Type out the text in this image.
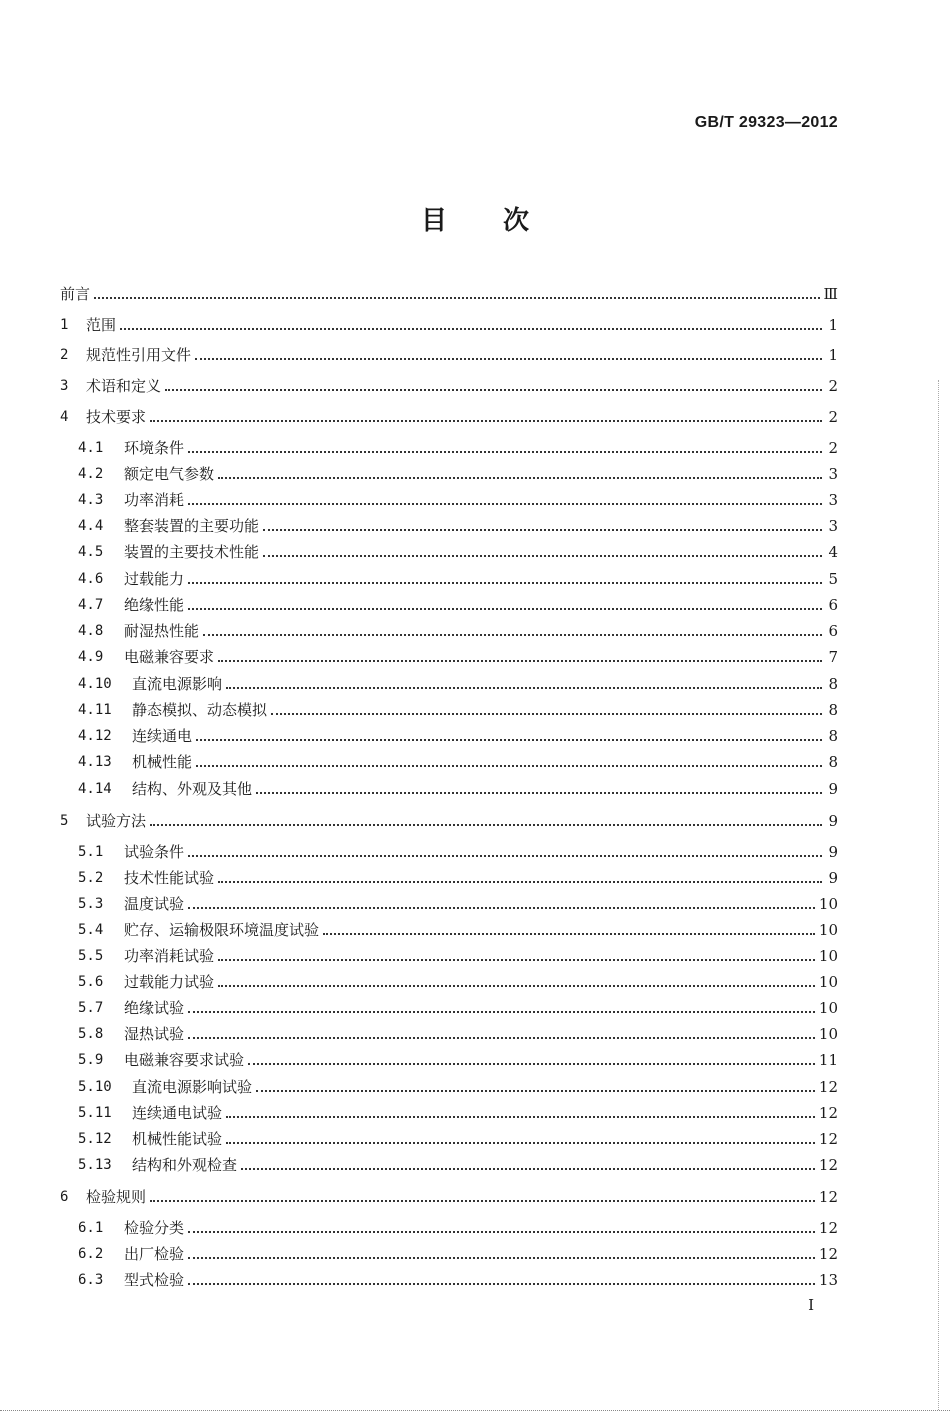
GB/T 29323—2012
目次
前言	Ⅲ
1	范围	1
2	规范性引用文件	1
3	术语和定义	2
4	技术要求	2
4.1	环境条件	2
4.2	额定电气参数	3
4.3	功率消耗	3
4.4	整套装置的主要功能	3
4.5	装置的主要技术性能	4
4.6	过载能力	5
4.7	绝缘性能	6
4.8	耐湿热性能	6
4.9	电磁兼容要求	7
4.10	直流电源影响	8
4.11	静态模拟、动态模拟	8
4.12	连续通电	8
4.13	机械性能	8
4.14	结构、外观及其他	9
5	试验方法	9
5.1	试验条件	9
5.2	技术性能试验	9
5.3	温度试验	10
5.4	贮存、运输极限环境温度试验	10
5.5	功率消耗试验	10
5.6	过载能力试验	10
5.7	绝缘试验	10
5.8	湿热试验	10
5.9	电磁兼容要求试验	11
5.10	直流电源影响试验	12
5.11	连续通电试验	12
5.12	机械性能试验	12
5.13	结构和外观检查	12
6	检验规则	12
6.1	检验分类	12
6.2	出厂检验	12
6.3	型式检验	13
I
